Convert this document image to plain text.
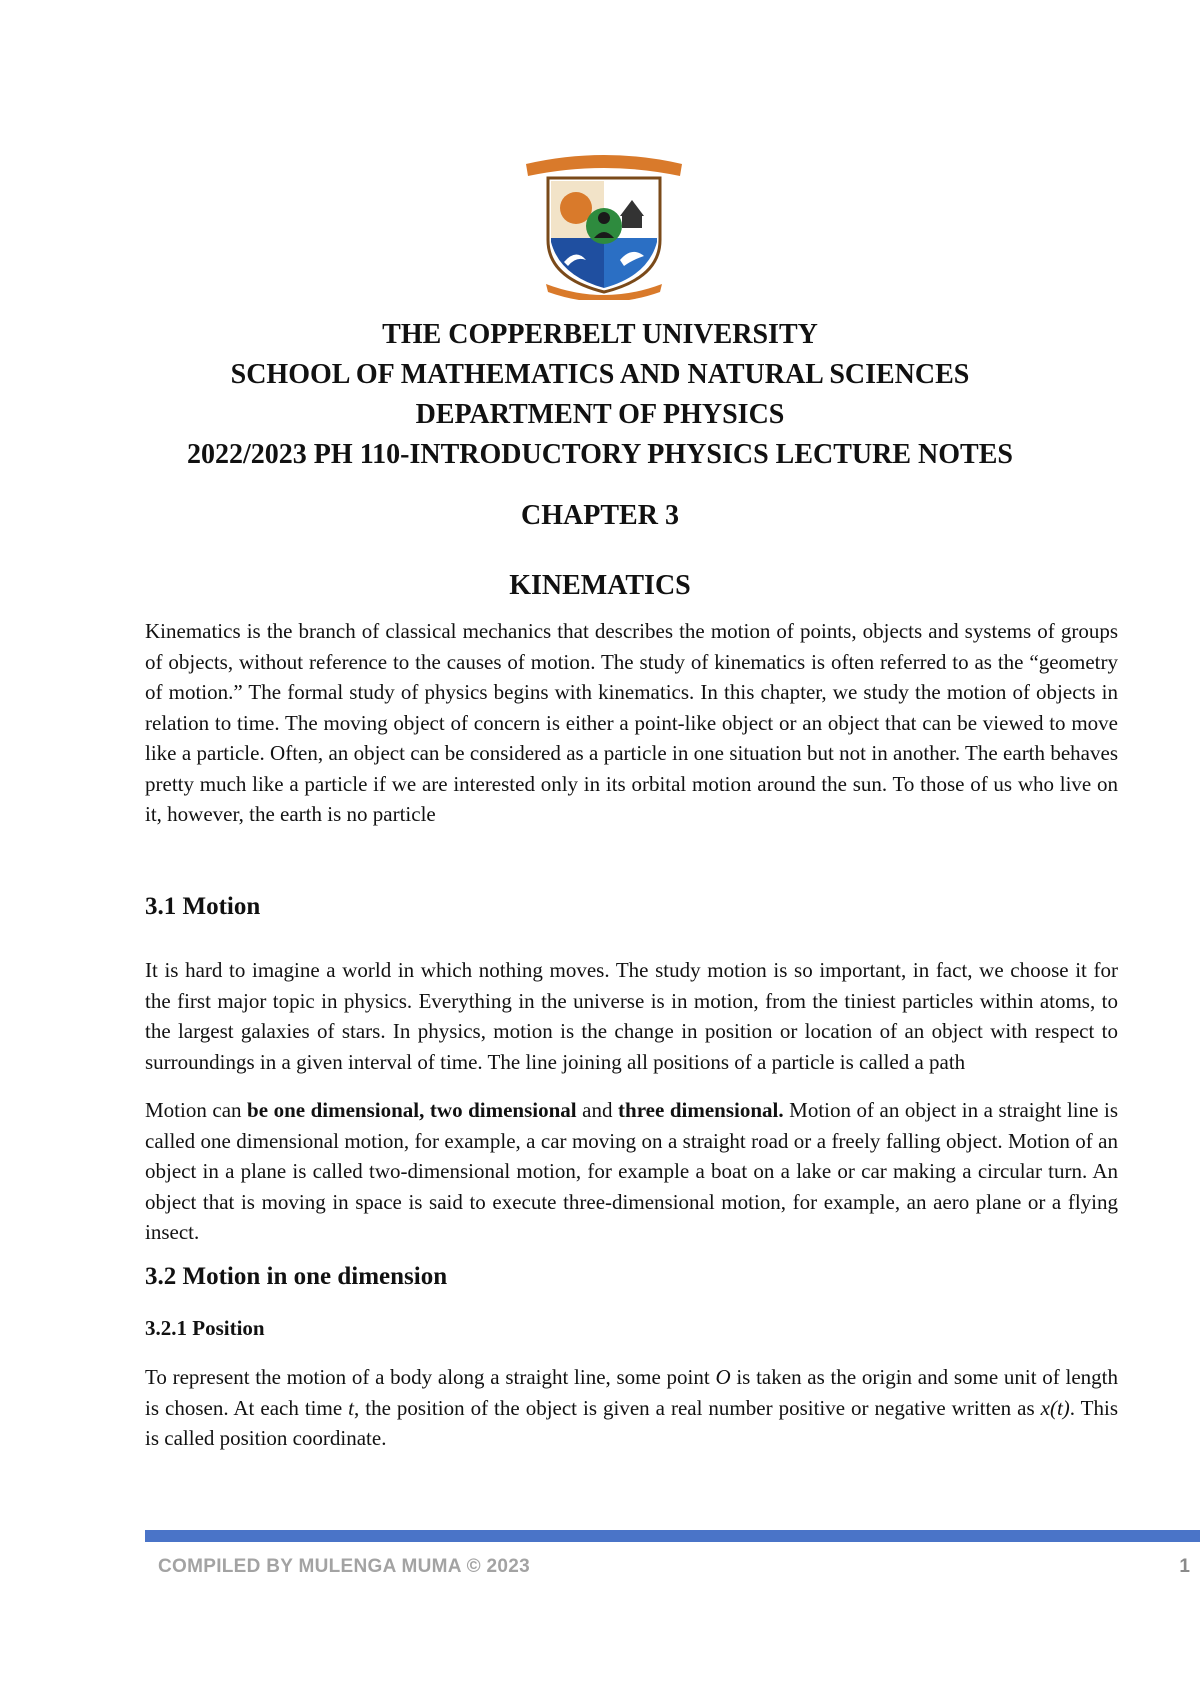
THE COPPERBELT UNIVERSITY
SCHOOL OF MATHEMATICS AND NATURAL SCIENCES
DEPARTMENT OF PHYSICS
2022/2023 PH 110-INTRODUCTORY PHYSICS LECTURE NOTES
CHAPTER 3
KINEMATICS
Kinematics is the branch of classical mechanics that describes the motion of points, objects and systems of groups of objects, without reference to the causes of motion. The study of kinematics is often referred to as the “geometry of motion.” The formal study of physics begins with kinematics. In this chapter, we study the motion of objects in relation to time. The moving object of concern is either a point-like object or an object that can be viewed to move like a particle. Often, an object can be considered as a particle in one situation but not in another. The earth behaves pretty much like a particle if we are interested only in its orbital motion around the sun. To those of us who live on it, however, the earth is no particle
3.1 Motion
It is hard to imagine a world in which nothing moves. The study motion is so important, in fact, we choose it for the first major topic in physics. Everything in the universe is in motion, from the tiniest particles within atoms, to the largest galaxies of stars. In physics, motion is the change in position or location of an object with respect to surroundings in a given interval of time. The line joining all positions of a particle is called a path
Motion can be one dimensional, two dimensional and three dimensional. Motion of an object in a straight line is called one dimensional motion, for example, a car moving on a straight road or a freely falling object. Motion of an object in a plane is called two-dimensional motion, for example a boat on a lake or car making a circular turn. An object that is moving in space is said to execute three-dimensional motion, for example, an aero plane or a flying insect.
3.2 Motion in one dimension
3.2.1 Position
To represent the motion of a body along a straight line, some point O is taken as the origin and some unit of length is chosen. At each time t, the position of the object is given a real number positive or negative written as x(t). This is called position coordinate.
COMPILED BY MULENGA MUMA © 2023	1
